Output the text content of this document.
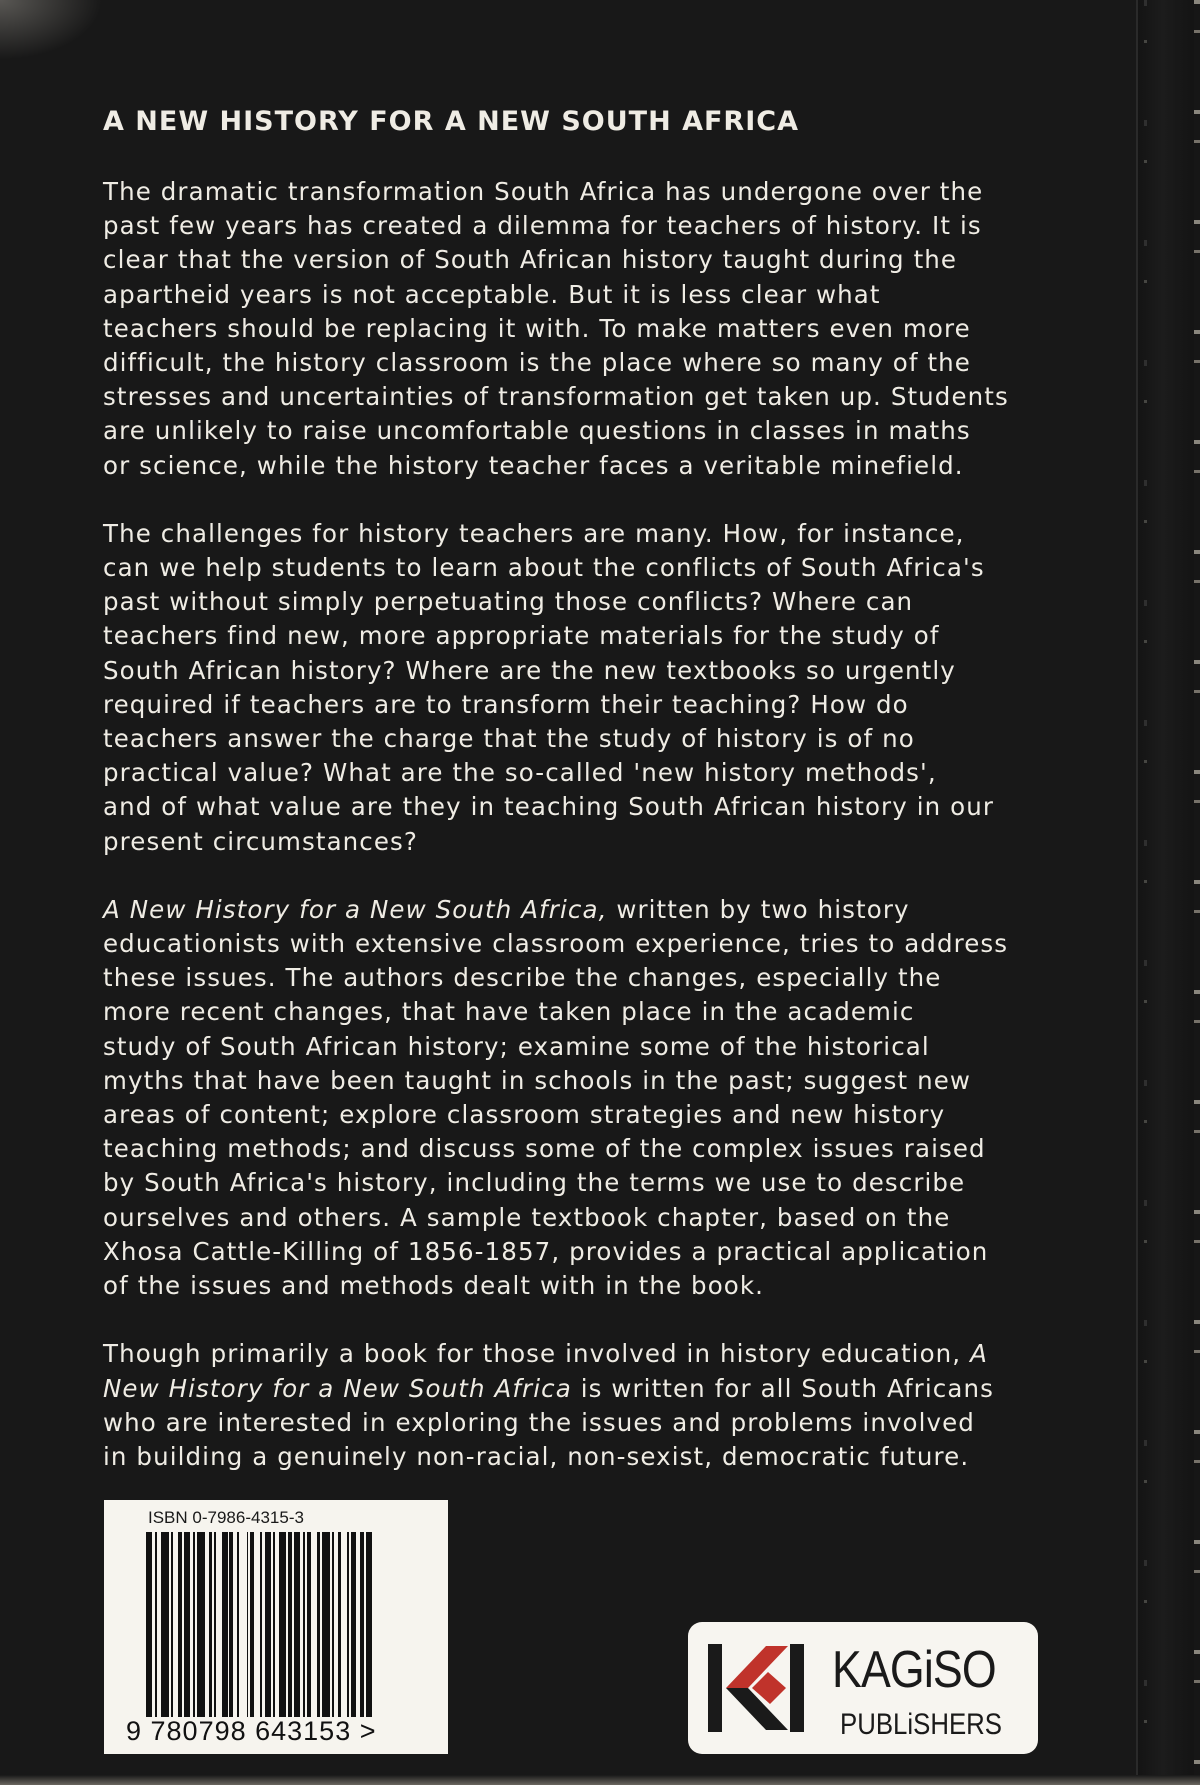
A NEW HISTORY FOR A NEW SOUTH AFRICA
The dramatic transformation South Africa has undergone over the
past few years has created a dilemma for teachers of history. It is
clear that the version of South African history taught during the
apartheid years is not acceptable. But it is less clear what
teachers should be replacing it with. To make matters even more
difficult, the history classroom is the place where so many of the
stresses and uncertainties of transformation get taken up. Students
are unlikely to raise uncomfortable questions in classes in maths
or science, while the history teacher faces a veritable minefield.
The challenges for history teachers are many. How, for instance,
can we help students to learn about the conflicts of South Africa's
past without simply perpetuating those conflicts? Where can
teachers find new, more appropriate materials for the study of
South African history? Where are the new textbooks so urgently
required if teachers are to transform their teaching? How do
teachers answer the charge that the study of history is of no
practical value? What are the so-called 'new history methods',
and of what value are they in teaching South African history in our
present circumstances?
A New History for a New South Africa, written by two history
educationists with extensive classroom experience, tries to address
these issues. The authors describe the changes, especially the
more recent changes, that have taken place in the academic
study of South African history; examine some of the historical
myths that have been taught in schools in the past; suggest new
areas of content; explore classroom strategies and new history
teaching methods; and discuss some of the complex issues raised
by South Africa's history, including the terms we use to describe
ourselves and others. A sample textbook chapter, based on the
Xhosa Cattle-Killing of 1856-1857, provides a practical application
of the issues and methods dealt with in the book.
Though primarily a book for those involved in history education, A
New History for a New South Africa is written for all South Africans
who are interested in exploring the issues and problems involved
in building a genuinely non-racial, non-sexist, democratic future.
ISBN 0-7986-4315-3
9 780798 643153 >
KAGiSO
PUBLiSHERS
